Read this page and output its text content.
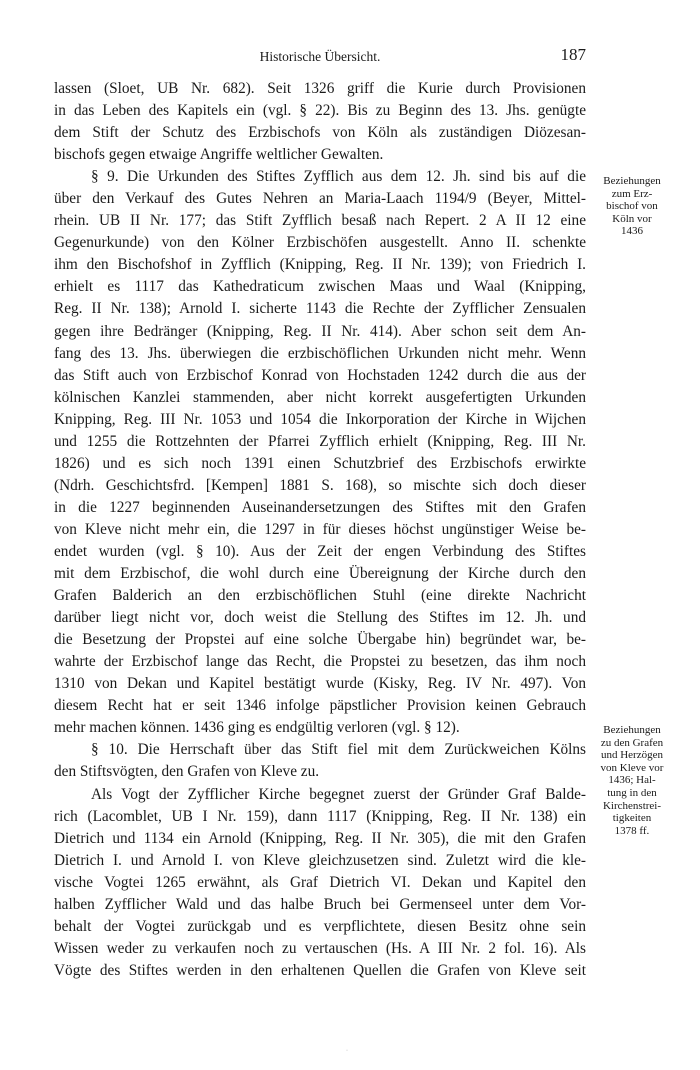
Historische Übersicht.	187
lassen (Sloet, UB Nr. 682). Seit 1326 griff die Kurie durch Provisionen
in das Leben des Kapitels ein (vgl. § 22). Bis zu Beginn des 13. Jhs. genügte
dem Stift der Schutz des Erzbischofs von Köln als zuständigen Diözesan-
bischofs gegen etwaige Angriffe weltlicher Gewalten.
§ 9. Die Urkunden des Stiftes Zyfflich aus dem 12. Jh. sind bis auf die
über den Verkauf des Gutes Nehren an Maria-Laach 1194/9 (Beyer, Mittel-
rhein. UB II Nr. 177; das Stift Zyfflich besaß nach Repert. 2 A II 12 eine
Gegenurkunde) von den Kölner Erzbischöfen ausgestellt. Anno II. schenkte
ihm den Bischofshof in Zyfflich (Knipping, Reg. II Nr. 139); von Friedrich I.
erhielt es 1117 das Kathedraticum zwischen Maas und Waal (Knipping,
Reg. II Nr. 138); Arnold I. sicherte 1143 die Rechte der Zyfflicher Zensualen
gegen ihre Bedränger (Knipping, Reg. II Nr. 414). Aber schon seit dem An-
fang des 13. Jhs. überwiegen die erzbischöflichen Urkunden nicht mehr. Wenn
das Stift auch von Erzbischof Konrad von Hochstaden 1242 durch die aus der
kölnischen Kanzlei stammenden, aber nicht korrekt ausgefertigten Urkunden
Knipping, Reg. III Nr. 1053 und 1054 die Inkorporation der Kirche in Wijchen
und 1255 die Rottzehnten der Pfarrei Zyfflich erhielt (Knipping, Reg. III Nr.
1826) und es sich noch 1391 einen Schutzbrief des Erzbischofs erwirkte
(Ndrh. Geschichtsfrd. [Kempen] 1881 S. 168), so mischte sich doch dieser
in die 1227 beginnenden Auseinandersetzungen des Stiftes mit den Grafen
von Kleve nicht mehr ein, die 1297 in für dieses höchst ungünstiger Weise be-
endet wurden (vgl. § 10). Aus der Zeit der engen Verbindung des Stiftes
mit dem Erzbischof, die wohl durch eine Übereignung der Kirche durch den
Grafen Balderich an den erzbischöflichen Stuhl (eine direkte Nachricht
darüber liegt nicht vor, doch weist die Stellung des Stiftes im 12. Jh. und
die Besetzung der Propstei auf eine solche Übergabe hin) begründet war, be-
wahrte der Erzbischof lange das Recht, die Propstei zu besetzen, das ihm noch
1310 von Dekan und Kapitel bestätigt wurde (Kisky, Reg. IV Nr. 497). Von
diesem Recht hat er seit 1346 infolge päpstlicher Provision keinen Gebrauch
mehr machen können. 1436 ging es endgültig verloren (vgl. § 12).
§ 10. Die Herrschaft über das Stift fiel mit dem Zurückweichen Kölns
den Stiftsvögten, den Grafen von Kleve zu.
Als Vogt der Zyfflicher Kirche begegnet zuerst der Gründer Graf Balde-
rich (Lacomblet, UB I Nr. 159), dann 1117 (Knipping, Reg. II Nr. 138) ein
Dietrich und 1134 ein Arnold (Knipping, Reg. II Nr. 305), die mit den Grafen
Dietrich I. und Arnold I. von Kleve gleichzusetzen sind. Zuletzt wird die kle-
vische Vogtei 1265 erwähnt, als Graf Dietrich VI. Dekan und Kapitel den
halben Zyfflicher Wald und das halbe Bruch bei Germenseel unter dem Vor-
behalt der Vogtei zurückgab und es verpflichtete, diesen Besitz ohne sein
Wissen weder zu verkaufen noch zu vertauschen (Hs. A III Nr. 2 fol. 16). Als
Vögte des Stiftes werden in den erhaltenen Quellen die Grafen von Kleve seit
Beziehungen
zum Erz-
bischof von
Köln vor
1436
Beziehungen
zu den Grafen
und Herzögen
von Kleve vor
1436; Hal-
tung in den
Kirchenstrei-
tigkeiten
1378 ff.
·
